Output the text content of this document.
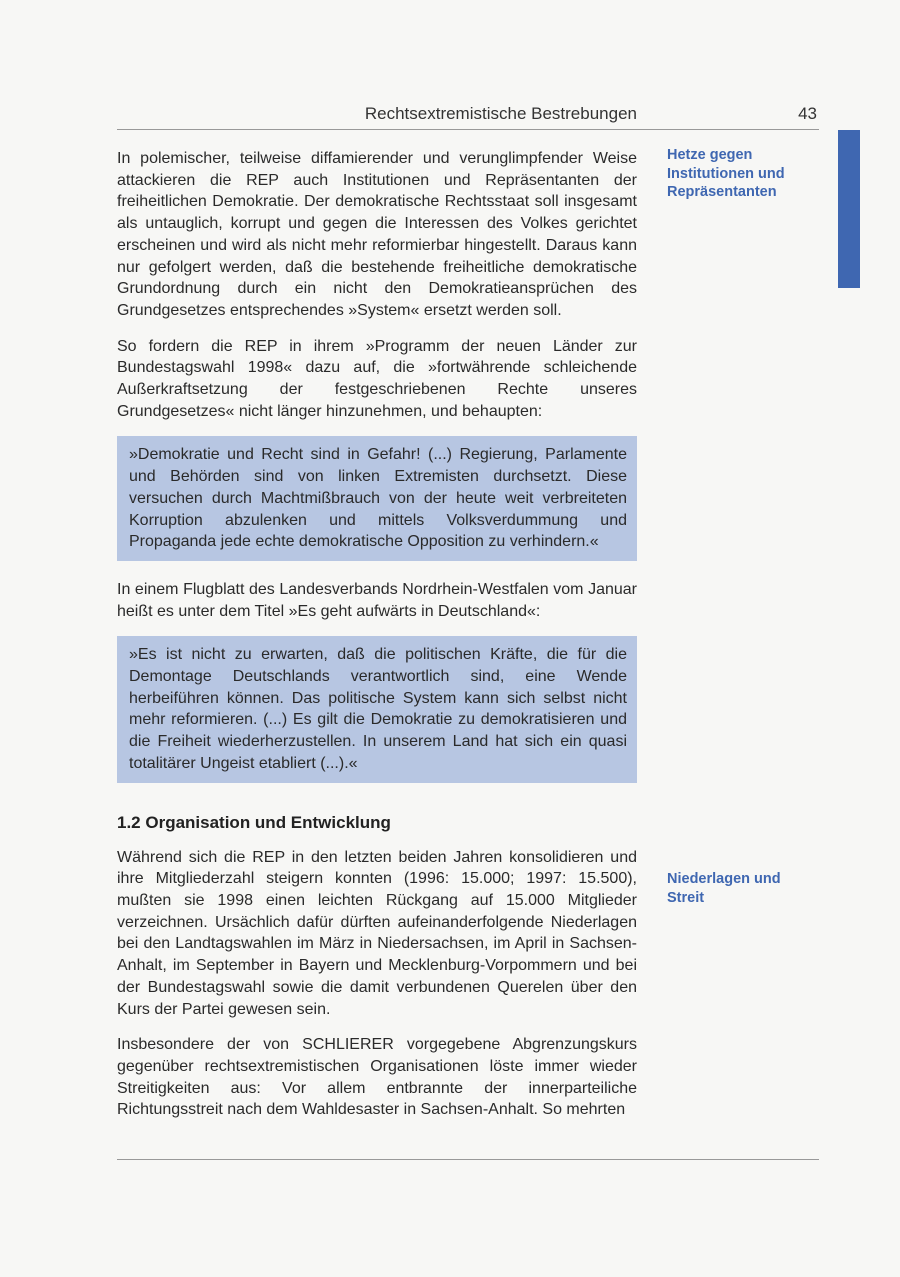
Rechtsextremistische Bestrebungen	43
Hetze gegen Institutionen und Repräsentanten
Niederlagen und Streit

In polemischer, teilweise diffamierender und verunglimpfender Weise attackieren die REP auch Institutionen und Repräsentanten der freiheitlichen Demokratie. Der demokratische Rechtsstaat soll insgesamt als untauglich, korrupt und gegen die Interessen des Volkes gerichtet erscheinen und wird als nicht mehr reformierbar hingestellt. Daraus kann nur gefolgert werden, daß die bestehende freiheitliche demokratische Grundordnung durch ein nicht den Demokratieansprüchen des Grundgesetzes entsprechendes »System« ersetzt werden soll.

So fordern die REP in ihrem »Programm der neuen Länder zur Bundestagswahl 1998« dazu auf, die »fortwährende schleichende Außerkraftsetzung der festgeschriebenen Rechte unseres Grundgesetzes« nicht länger hinzunehmen, und behaupten:

»Demokratie und Recht sind in Gefahr! (...) Regierung, Parlamente und Behörden sind von linken Extremisten durchsetzt. Diese versuchen durch Machtmißbrauch von der heute weit verbreiteten Korruption abzulenken und mittels Volksverdummung und Propaganda jede echte demokratische Opposition zu verhindern.«

In einem Flugblatt des Landesverbands Nordrhein-Westfalen vom Januar heißt es unter dem Titel »Es geht aufwärts in Deutschland«:

»Es ist nicht zu erwarten, daß die politischen Kräfte, die für die Demontage Deutschlands verantwortlich sind, eine Wende herbeiführen können. Das politische System kann sich selbst nicht mehr reformieren. (...) Es gilt die Demokratie zu demokratisieren und die Freiheit wiederherzustellen. In unserem Land hat sich ein quasi totalitärer Ungeist etabliert (...).«

1.2 Organisation und Entwicklung

Während sich die REP in den letzten beiden Jahren konsolidieren und ihre Mitgliederzahl steigern konnten (1996: 15.000; 1997: 15.500), mußten sie 1998 einen leichten Rückgang auf 15.000 Mitglieder verzeichnen. Ursächlich dafür dürften aufeinanderfolgende Niederlagen bei den Landtagswahlen im März in Niedersachsen, im April in Sachsen-Anhalt, im September in Bayern und Mecklenburg-Vorpommern und bei der Bundestagswahl sowie die damit verbundenen Querelen über den Kurs der Partei gewesen sein.

Insbesondere der von SCHLIERER vorgegebene Abgrenzungskurs gegenüber rechtsextremistischen Organisationen löste immer wieder Streitigkeiten aus: Vor allem entbrannte der innerparteiliche Richtungsstreit nach dem Wahldesaster in Sachsen-Anhalt. So mehrten
